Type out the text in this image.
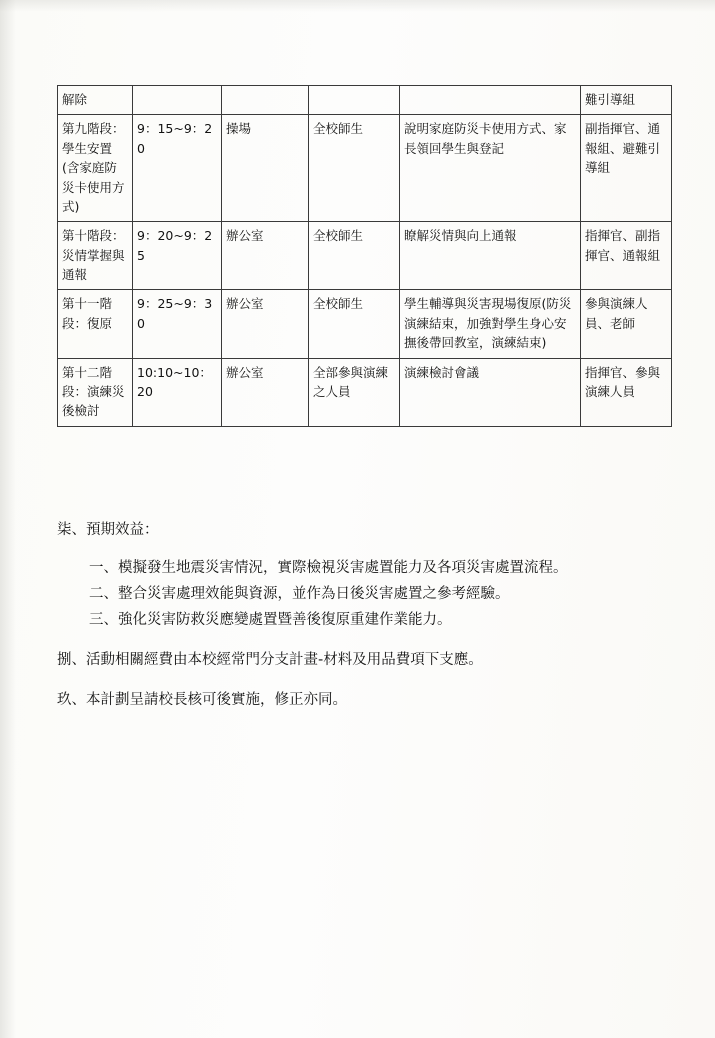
解除					難引導組

第九階段：學生安置(含家庭防災卡使用方式)	9：15~9：20	操場	全校師生	說明家庭防災卡使用方式、家長領回學生與登記	副指揮官、通報組、避難引導組

第十階段：災情掌握與通報	9：20~9：25	辦公室	全校師生	瞭解災情與向上通報	指揮官、副指揮官、通報組

第十一階段：復原	9：25~9：30	辦公室	全校師生	學生輔導與災害現場復原(防災演練結束，加強對學生身心安撫後帶回教室，演練結束)	參與演練人員、老師

第十二階段：演練災後檢討	10:10~10：20	辦公室	全部參與演練之人員	演練檢討會議	指揮官、參與演練人員

柒、預期效益：

一、模擬發生地震災害情況，實際檢視災害處置能力及各項災害處置流程。

二、整合災害處理效能與資源，並作為日後災害處置之參考經驗。

三、強化災害防救災應變處置暨善後復原重建作業能力。

捌、活動相關經費由本校經常門分支計畫-材料及用品費項下支應。

玖、本計劃呈請校長核可後實施，修正亦同。
